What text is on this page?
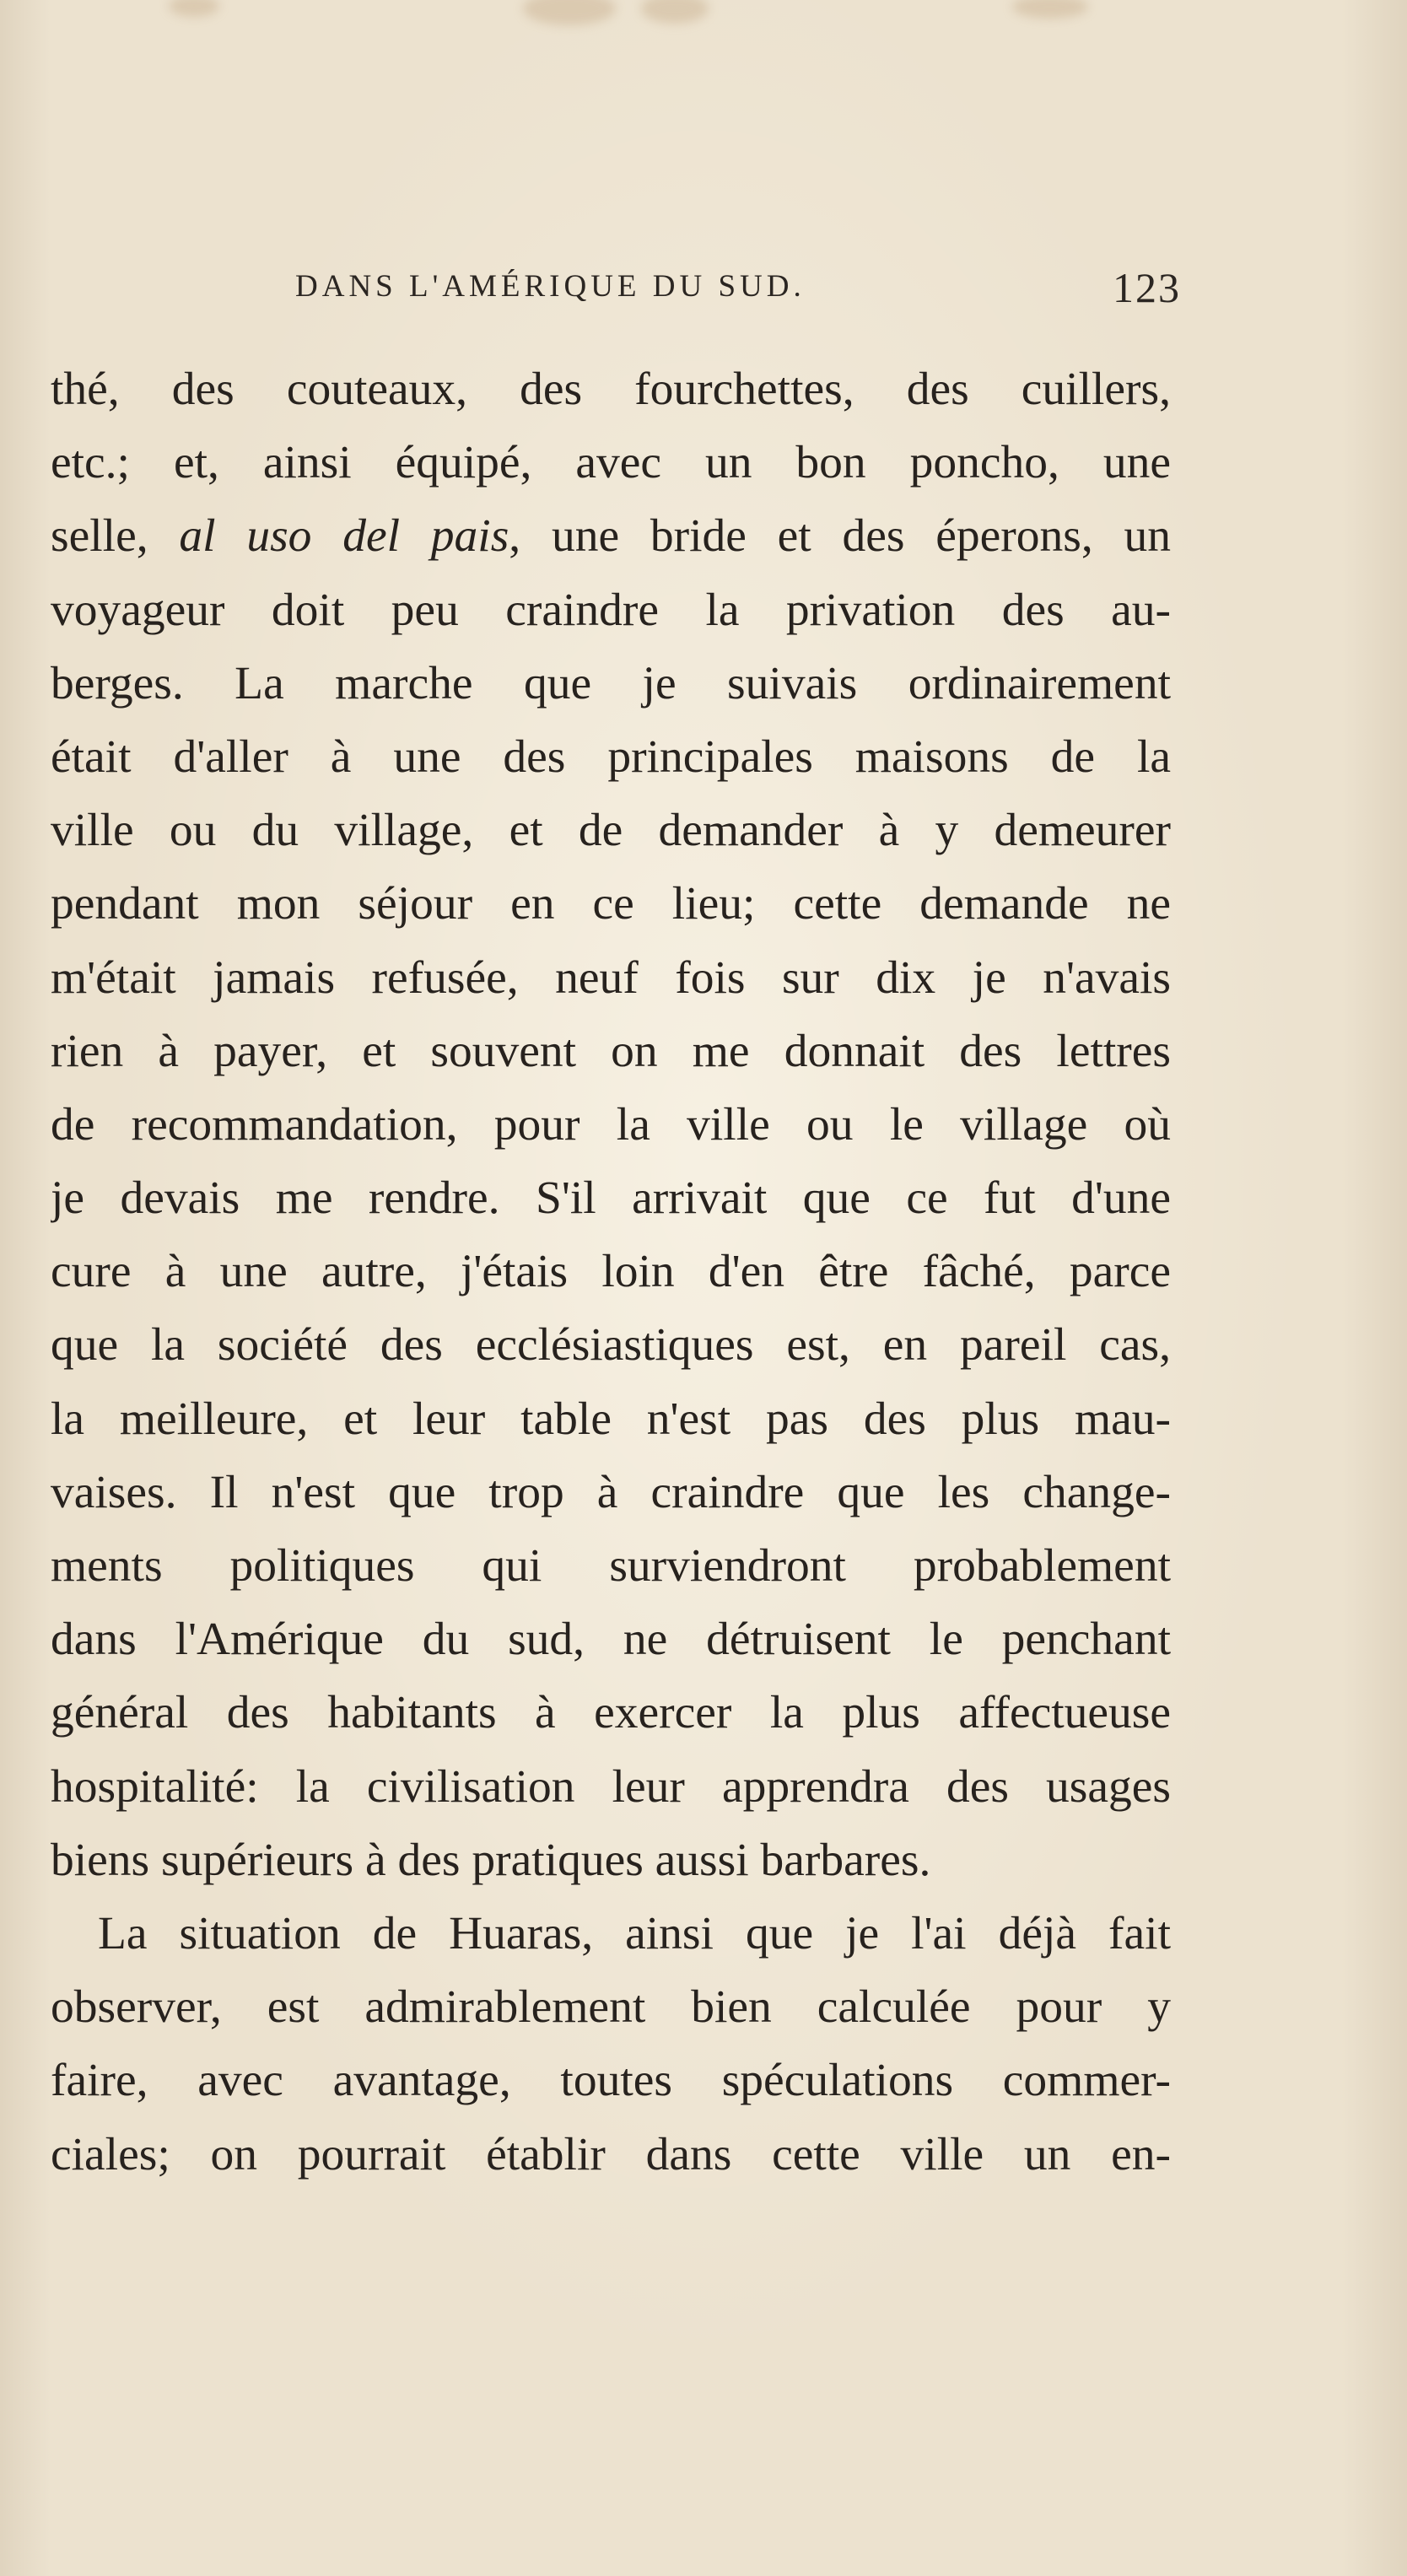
DANS L'AMÉRIQUE DU SUD.	123
thé, des couteaux, des fourchettes, des cuillers,
etc.; et, ainsi équipé, avec un bon poncho, une
selle, al uso del pais, une bride et des éperons, un
voyageur doit peu craindre la privation des au-
berges. La marche que je suivais ordinairement
était d'aller à une des principales maisons de la
ville ou du village, et de demander à y demeurer
pendant mon séjour en ce lieu; cette demande ne
m'était jamais refusée, neuf fois sur dix je n'avais
rien à payer, et souvent on me donnait des lettres
de recommandation, pour la ville ou le village où
je devais me rendre. S'il arrivait que ce fut d'une
cure à une autre, j'étais loin d'en être fâché, parce
que la société des ecclésiastiques est, en pareil cas,
la meilleure, et leur table n'est pas des plus mau-
vaises. Il n'est que trop à craindre que les change-
ments politiques qui surviendront probablement
dans l'Amérique du sud, ne détruisent le penchant
général des habitants à exercer la plus affectueuse
hospitalité: la civilisation leur apprendra des usages
biens supérieurs à des pratiques aussi barbares.
La situation de Huaras, ainsi que je l'ai déjà fait
observer, est admirablement bien calculée pour y
faire, avec avantage, toutes spéculations commer-
ciales; on pourrait établir dans cette ville un en-
